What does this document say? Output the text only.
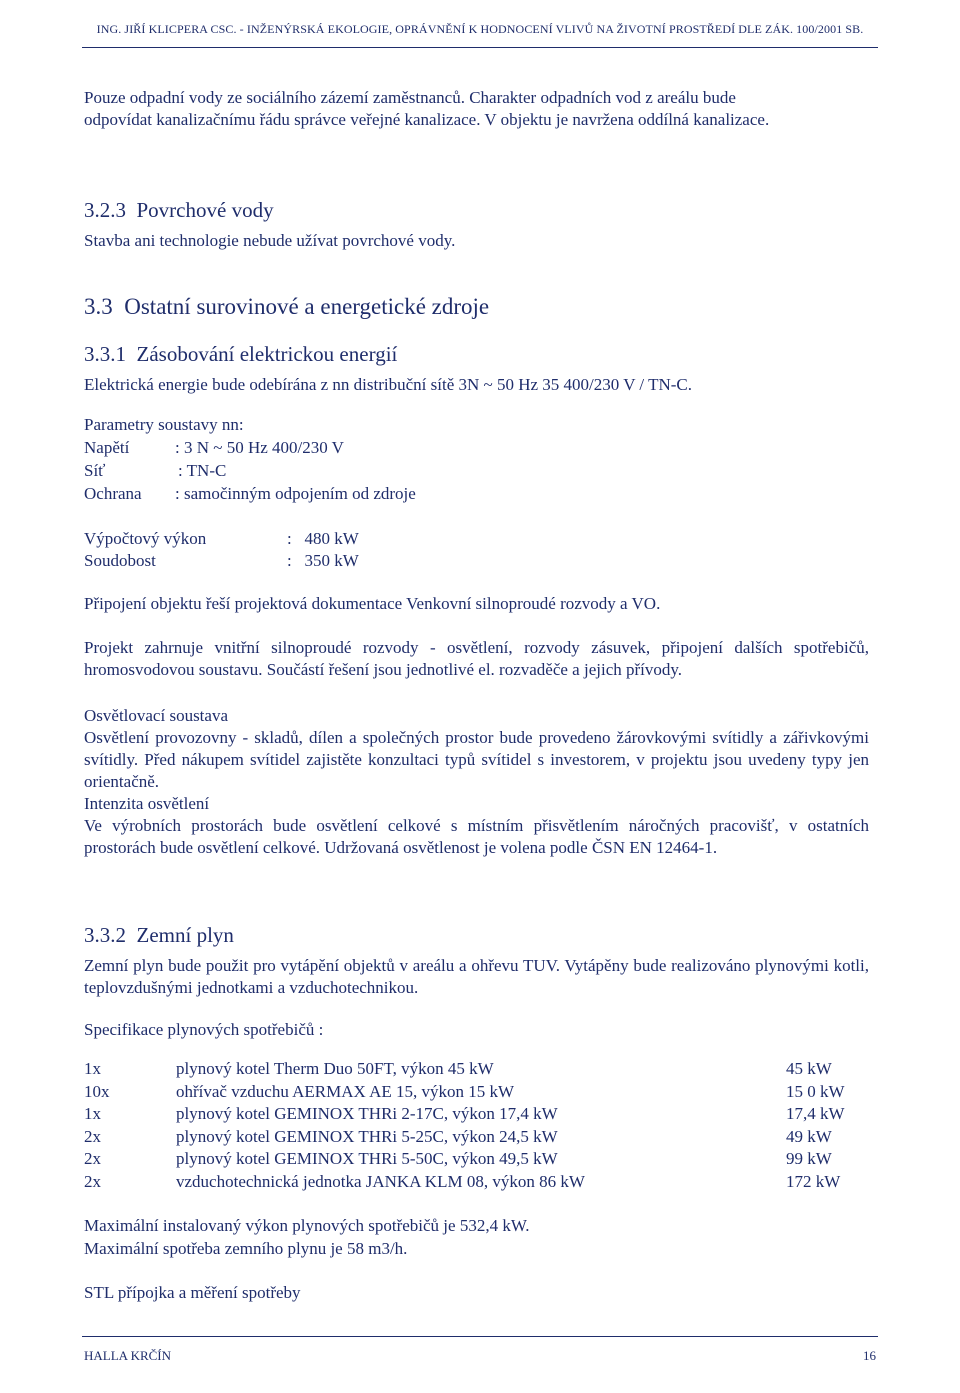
ING. JIŘÍ KLICPERA CSC. - INŽENÝRSKÁ EKOLOGIE, OPRÁVNĚNÍ K HODNOCENÍ VLIVŮ NA ŽIVOTNÍ PROSTŘEDÍ DLE ZÁK. 100/2001 SB.
Pouze odpadní vody ze sociálního zázemí zaměstnanců. Charakter odpadních vod z areálu bude
odpovídat kanalizačnímu řádu správce veřejné kanalizace. V objektu je navržena oddílná kanalizace.
3.2.3  Povrchové vody
Stavba ani technologie nebude užívat povrchové vody.
3.3  Ostatní surovinové a energetické zdroje
3.3.1  Zásobování elektrickou energií
Elektrická energie bude odebírána z nn distribuční sítě 3N ~ 50 Hz 35 400/230 V / TN-C.
Parametry soustavy nn:
Napětí	: 3 N ~ 50 Hz 400/230 V
Síť	: TN-C
Ochrana : samočinným odpojením od zdroje
Výpočtový výkon	:   480 kW
Soudobost	:   350 kW
Připojení objektu řeší projektová dokumentace Venkovní silnoproudé rozvody a VO.
Projekt zahrnuje vnitřní silnoproudé rozvody - osvětlení, rozvody zásuvek, připojení dalších spotřebičů, hromosvodovou soustavu. Součástí řešení jsou jednotlivé el. rozvaděče a jejich přívody.
Osvětlovací soustava
Osvětlení provozovny - skladů, dílen a společných prostor bude provedeno žárovkovými svítidly a zářivkovými svítidly. Před nákupem svítidel zajistěte konzultaci typů svítidel s investorem, v projektu jsou uvedeny typy jen orientačně.
Intenzita osvětlení
Ve výrobních prostorách bude osvětlení celkové s místním přisvětlením náročných pracovišť, v ostatních prostorách bude osvětlení celkové. Udržovaná osvětlenost je volena podle ČSN EN 12464-1.
3.3.2  Zemní plyn
Zemní plyn bude použit pro vytápění objektů v areálu a ohřevu TUV. Vytápěny bude realizováno plynovými kotli, teplovzdušnými jednotkami a vzduchotechnikou.
Specifikace plynových spotřebičů :
1x	plynový kotel Therm Duo 50FT, výkon 45 kW	45 kW
10x	ohřívač vzduchu AERMAX AE 15, výkon 15 kW	15 0 kW
1x	plynový kotel GEMINOX THRi 2-17C, výkon 17,4 kW	17,4 kW
2x	plynový kotel GEMINOX THRi 5-25C, výkon 24,5 kW	49 kW
2x	plynový kotel GEMINOX THRi 5-50C, výkon 49,5 kW	99 kW
2x	vzduchotechnická jednotka JANKA KLM 08, výkon 86 kW	172 kW
Maximální instalovaný výkon plynových spotřebičů je 532,4 kW.
Maximální spotřeba zemního plynu je 58 m3/h.
STL přípojka a měření spotřeby
HALLA KRČÍN	16
